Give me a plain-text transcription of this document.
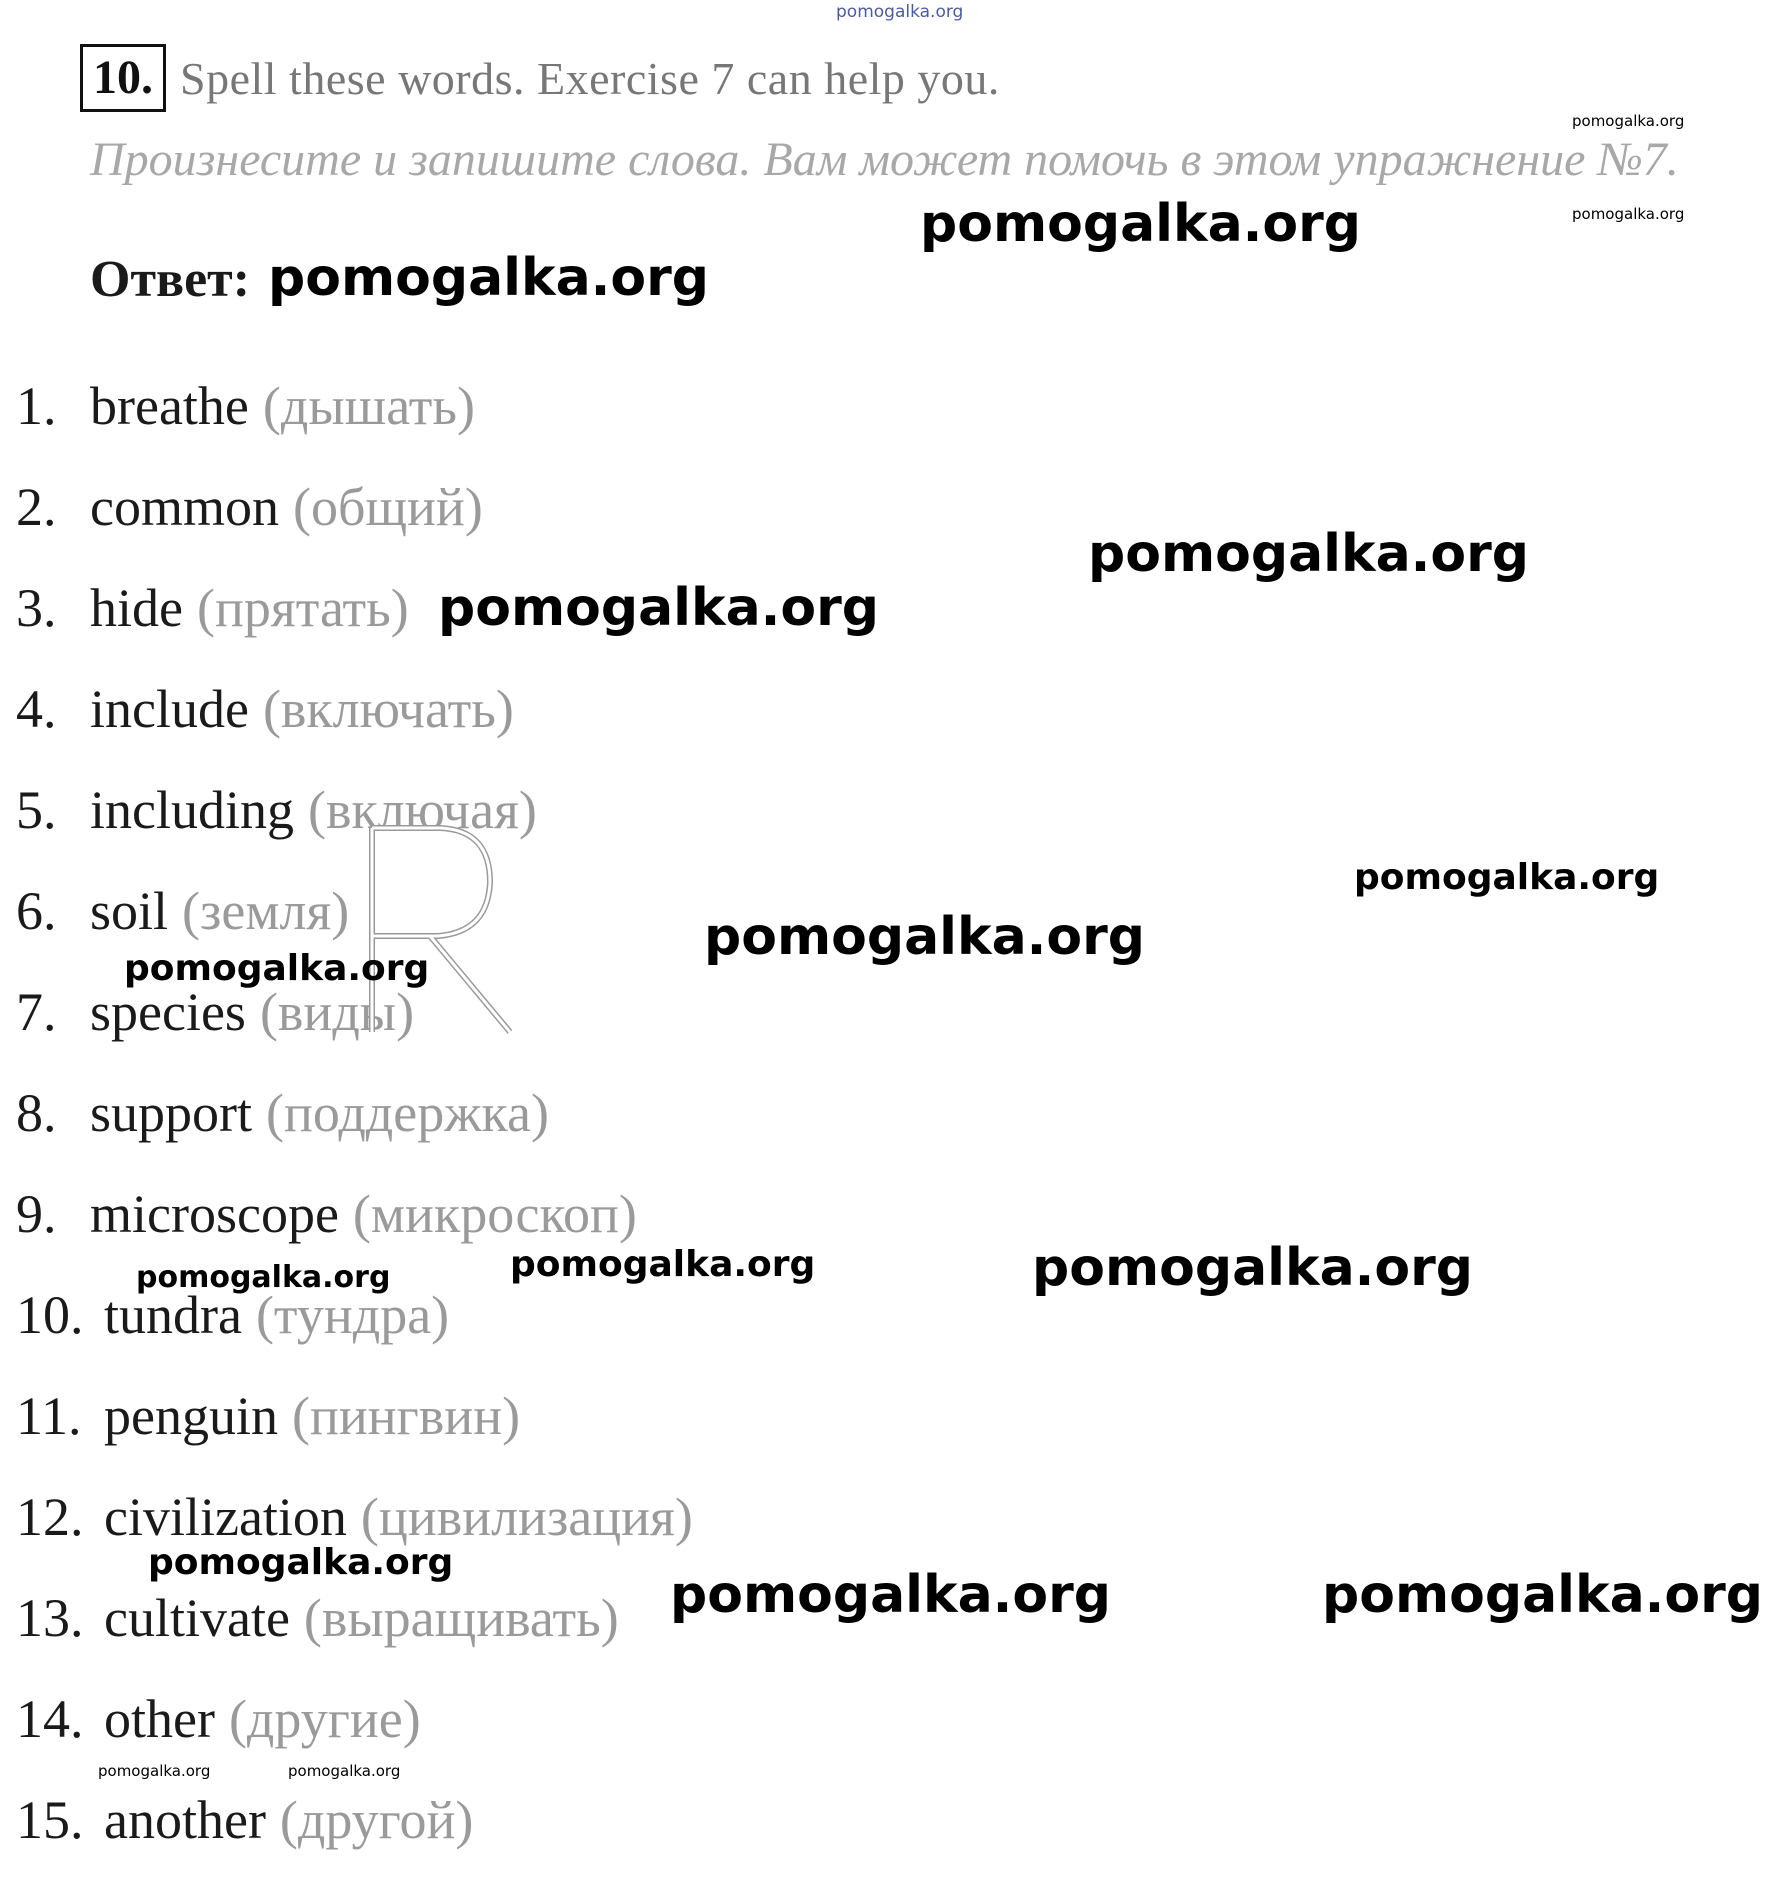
pomogalka.org
10. Spell these words. Exercise 7 can help you.
Произнесите и запишите слова. Вам может помочь в этом упражнение №7.
Ответ:
1. breathe (дышать)
2. common (общий)
3. hide (прятать)
4. include (включать)
5. including (включая)
6. soil (земля)
7. species (виды)
8. support (поддержка)
9. microscope (микроскоп)
10. tundra (тундра)
11. penguin (пингвин)
12. civilization (цивилизация)
13. cultivate (выращивать)
14. other (другие)
15. another (другой)
pomogalka.org
pomogalka.org
pomogalka.org
pomogalka.org
pomogalka.org
pomogalka.org
pomogalka.org
pomogalka.org
pomogalka.org
pomogalka.org
pomogalka.org	pomogalka.org
pomogalka.org
pomogalka.org	pomogalka.org
pomogalka.org	pomogalka.org
